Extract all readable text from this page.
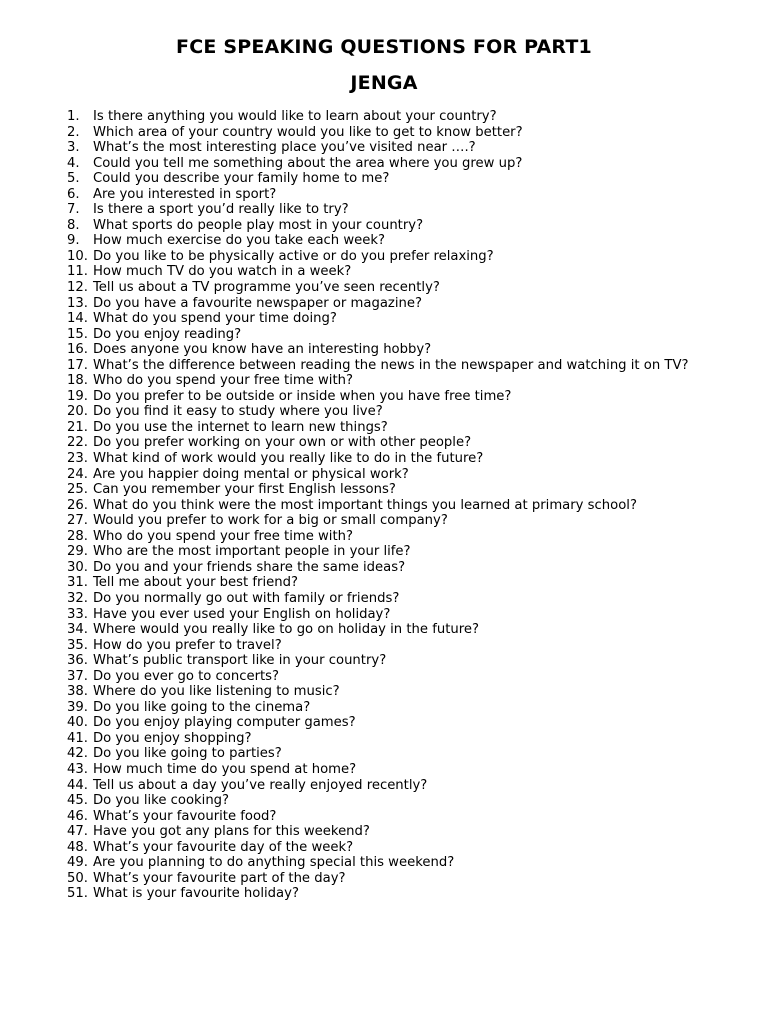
FCE SPEAKING QUESTIONS FOR PART1
JENGA
1.	Is there anything you would like to learn about your country?
2.	Which area of your country would you like to get to know better?
3.	What’s the most interesting place you’ve visited near ….?
4.	Could you tell me something about the area where you grew up?
5.	Could you describe your family home to me?
6.	Are you interested in sport?
7.	Is there a sport you’d really like to try?
8.	What sports do people play most in your country?
9.	How much exercise do you take each week?
10. Do you like to be physically active or do you prefer relaxing?
11. How much TV do you watch in a week?
12. Tell us about a TV programme you’ve seen recently?
13. Do you have a favourite newspaper or magazine?
14. What do you spend your time doing?
15. Do you enjoy reading?
16. Does anyone you know have an interesting hobby?
17. What’s the difference between reading the news in the newspaper and watching it on TV?
18. Who do you spend your free time with?
19. Do you prefer to be outside or inside when you have free time?
20. Do you find it easy to study where you live?
21. Do you use the internet to learn new things?
22. Do you prefer working on your own or with other people?
23. What kind of work would you really like to do in the future?
24. Are you happier doing mental or physical work?
25. Can you remember your first English lessons?
26. What do you think were the most important things you learned at primary school?
27. Would you prefer to work for a big or small company?
28. Who do you spend your free time with?
29. Who are the most important people in your life?
30. Do you and your friends share the same ideas?
31. Tell me about your best friend?
32. Do you normally go out with family or friends?
33. Have you ever used your English on holiday?
34. Where would you really like to go on holiday in the future?
35. How do you prefer to travel?
36. What’s public transport like in your country?
37. Do you ever go to concerts?
38. Where do you like listening to music?
39. Do you like going to the cinema?
40. Do you enjoy playing computer games?
41. Do you enjoy shopping?
42. Do you like going to parties?
43. How much time do you spend at home?
44. Tell us about a day you’ve really enjoyed recently?
45. Do you like cooking?
46. What’s your favourite food?
47. Have you got any plans for this weekend?
48. What’s your favourite day of the week?
49. Are you planning to do anything special this weekend?
50. What’s your favourite part of the day?
51. What is your favourite holiday?
